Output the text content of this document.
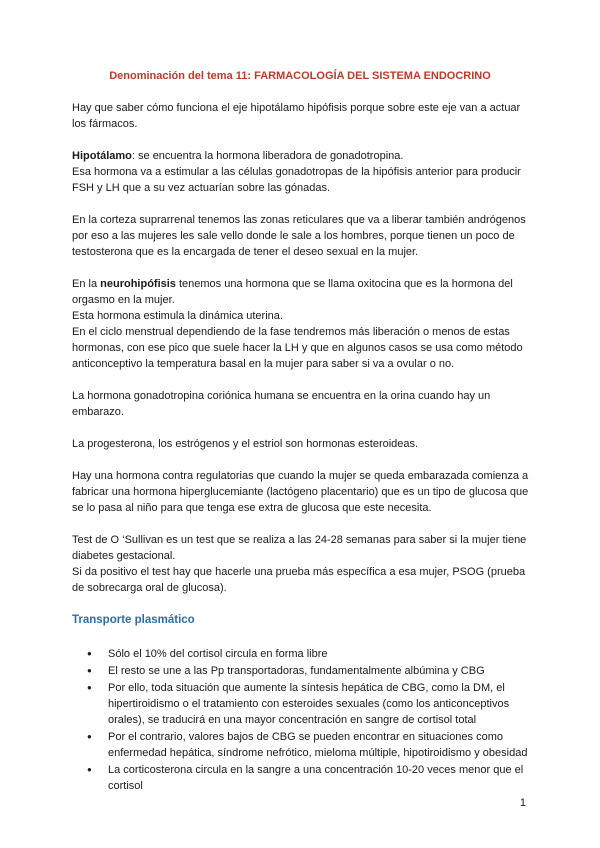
Denominación del tema 11: FARMACOLOGÍA DEL SISTEMA ENDOCRINO

Hay que saber cómo funciona el eje hipotálamo hipófisis porque sobre este eje van a actuar los fármacos.

Hipotálamo: se encuentra la hormona liberadora de gonadotropina.
Esa hormona va a estimular a las células gonadotropas de la hipófisis anterior para producir FSH y LH que a su vez actuarían sobre las gónadas.

En la corteza suprarrenal tenemos las zonas reticulares que va a liberar también andrógenos por eso a las mujeres les sale vello donde le sale a los hombres, porque tienen un poco de testosterona que es la encargada de tener el deseo sexual en la mujer.

En la neurohipófisis tenemos una hormona que se llama oxitocina que es la hormona del orgasmo en la mujer.
Esta hormona estimula la dinámica uterina.
En el ciclo menstrual dependiendo de la fase tendremos más liberación o menos de estas hormonas, con ese pico que suele hacer la LH y que en algunos casos se usa como método anticonceptivo la temperatura basal en la mujer para saber si va a ovular o no.

La hormona gonadotropina coriónica humana se encuentra en la orina cuando hay un embarazo.

La progesterona, los estrógenos y el estriol son hormonas esteroideas.

Hay una hormona contra regulatorias que cuando la mujer se queda embarazada comienza a fabricar una hormona hiperglucemiante (lactógeno placentario) que es un tipo de glucosa que se lo pasa al niño para que tenga ese extra de glucosa que este necesita.

Test de O ‘Sullivan es un test que se realiza a las 24-28 semanas para saber si la mujer tiene diabetes gestacional.
Si da positivo el test hay que hacerle una prueba más específica a esa mujer, PSOG (prueba de sobrecarga oral de glucosa).
Transporte plasmático
● Sólo el 10% del cortisol circula en forma libre
● El resto se une a las Pp transportadoras, fundamentalmente albúmina y CBG
● Por ello, toda situación que aumente la síntesis hepática de CBG, como la DM, el hipertiroidismo o el tratamiento con esteroides sexuales (como los anticonceptivos orales), se traducirá en una mayor concentración en sangre de cortisol total
● Por el contrario, valores bajos de CBG se pueden encontrar en situaciones como enfermedad hepática, síndrome nefrótico, mieloma múltiple, hipotiroidismo y obesidad
● La corticosterona circula en la sangre a una concentración 10-20 veces menor que el cortisol
1
